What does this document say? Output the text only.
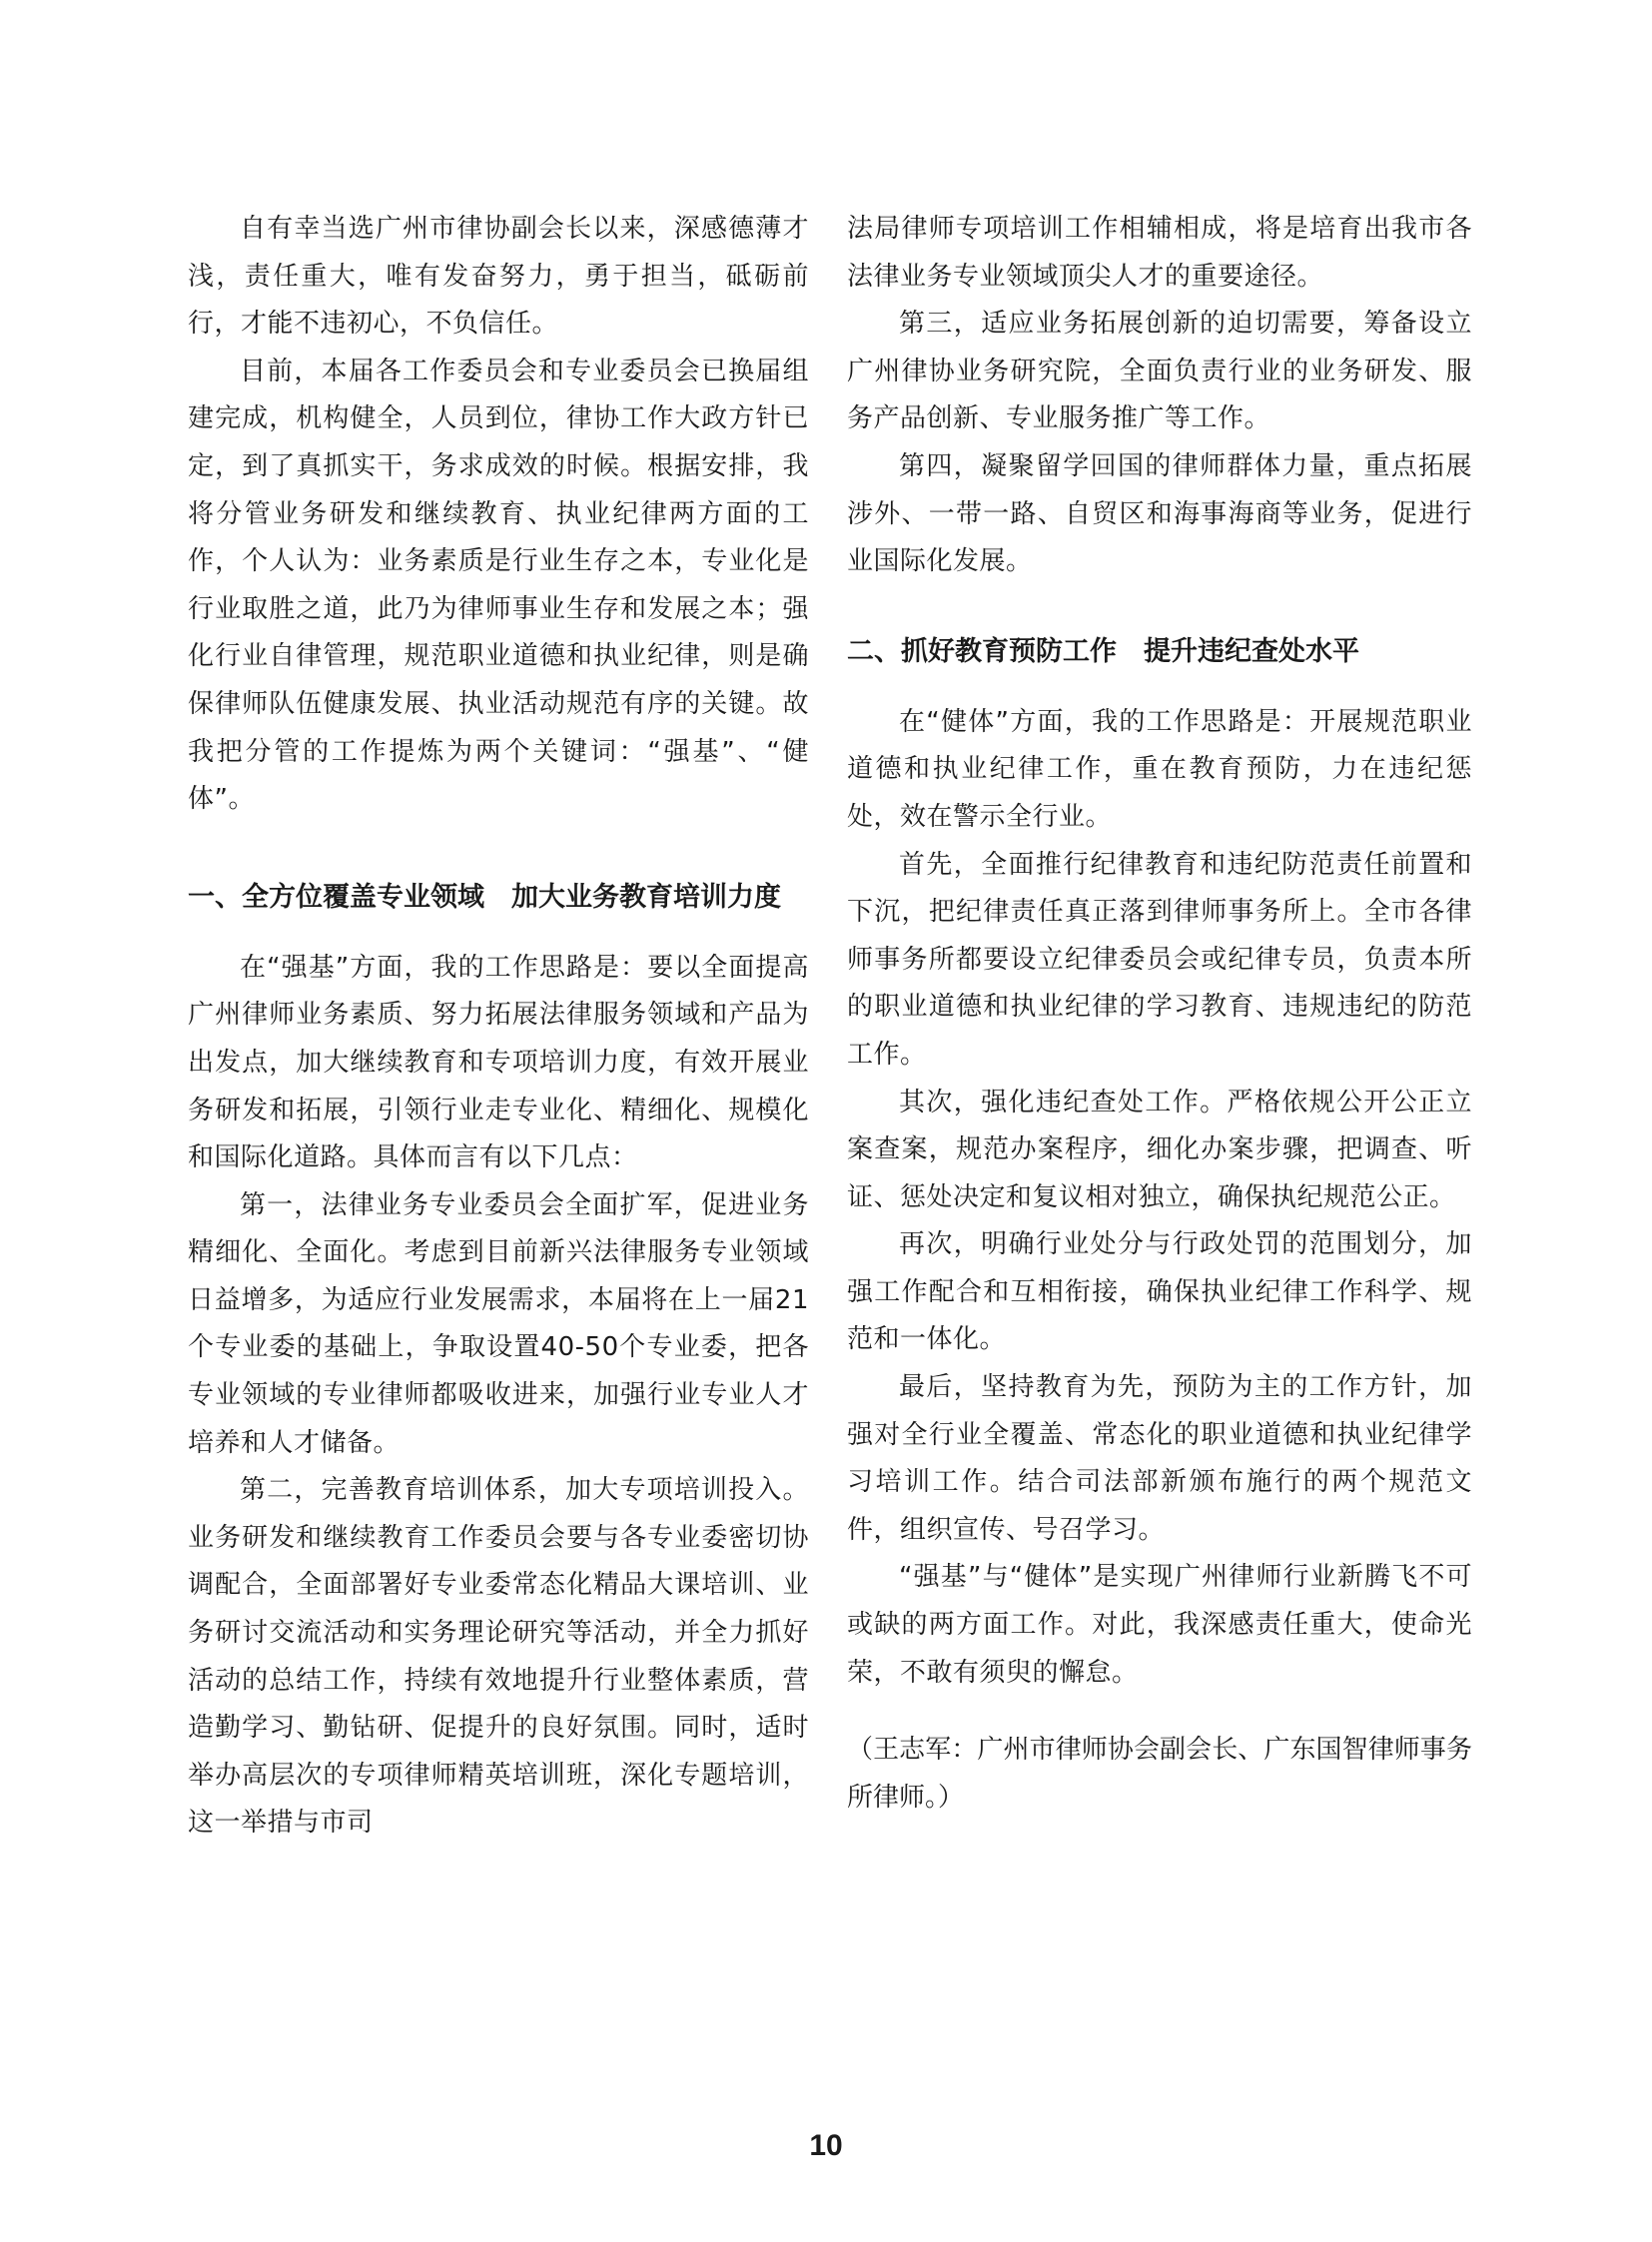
自有幸当选广州市律协副会长以来，深感德薄才浅，责任重大，唯有发奋努力，勇于担当，砥砺前行，才能不违初心，不负信任。

目前，本届各工作委员会和专业委员会已换届组建完成，机构健全，人员到位，律协工作大政方针已定，到了真抓实干，务求成效的时候。根据安排，我将分管业务研发和继续教育、执业纪律两方面的工作，个人认为：业务素质是行业生存之本，专业化是行业取胜之道，此乃为律师事业生存和发展之本；强化行业自律管理，规范职业道德和执业纪律，则是确保律师队伍健康发展、执业活动规范有序的关键。故我把分管的工作提炼为两个关键词：“强基”、“健体”。

一、全方位覆盖专业领域　加大业务教育培训力度

在“强基”方面，我的工作思路是：要以全面提高广州律师业务素质、努力拓展法律服务领域和产品为出发点，加大继续教育和专项培训力度，有效开展业务研发和拓展，引领行业走专业化、精细化、规模化和国际化道路。具体而言有以下几点：

第一，法律业务专业委员会全面扩军，促进业务精细化、全面化。考虑到目前新兴法律服务专业领域日益增多，为适应行业发展需求，本届将在上一届21个专业委的基础上，争取设置40-50个专业委，把各专业领域的专业律师都吸收进来，加强行业专业人才培养和人才储备。

第二，完善教育培训体系，加大专项培训投入。业务研发和继续教育工作委员会要与各专业委密切协调配合，全面部署好专业委常态化精品大课培训、业务研讨交流活动和实务理论研究等活动，并全力抓好活动的总结工作，持续有效地提升行业整体素质，营造勤学习、勤钻研、促提升的良好氛围。同时，适时举办高层次的专项律师精英培训班，深化专题培训，这一举措与市司

法局律师专项培训工作相辅相成，将是培育出我市各法律业务专业领域顶尖人才的重要途径。

第三，适应业务拓展创新的迫切需要，筹备设立广州律协业务研究院，全面负责行业的业务研发、服务产品创新、专业服务推广等工作。

第四，凝聚留学回国的律师群体力量，重点拓展涉外、一带一路、自贸区和海事海商等业务，促进行业国际化发展。

二、抓好教育预防工作　提升违纪查处水平

在“健体”方面，我的工作思路是：开展规范职业道德和执业纪律工作，重在教育预防，力在违纪惩处，效在警示全行业。

首先，全面推行纪律教育和违纪防范责任前置和下沉，把纪律责任真正落到律师事务所上。全市各律师事务所都要设立纪律委员会或纪律专员，负责本所的职业道德和执业纪律的学习教育、违规违纪的防范工作。

其次，强化违纪查处工作。严格依规公开公正立案查案，规范办案程序，细化办案步骤，把调查、听证、惩处决定和复议相对独立，确保执纪规范公正。

再次，明确行业处分与行政处罚的范围划分，加强工作配合和互相衔接，确保执业纪律工作科学、规范和一体化。

最后，坚持教育为先，预防为主的工作方针，加强对全行业全覆盖、常态化的职业道德和执业纪律学习培训工作。结合司法部新颁布施行的两个规范文件，组织宣传、号召学习。

“强基”与“健体”是实现广州律师行业新腾飞不可或缺的两方面工作。对此，我深感责任重大，使命光荣，不敢有须臾的懈怠。

（王志军：广州市律师协会副会长、广东国智律师事务所律师。）

10
